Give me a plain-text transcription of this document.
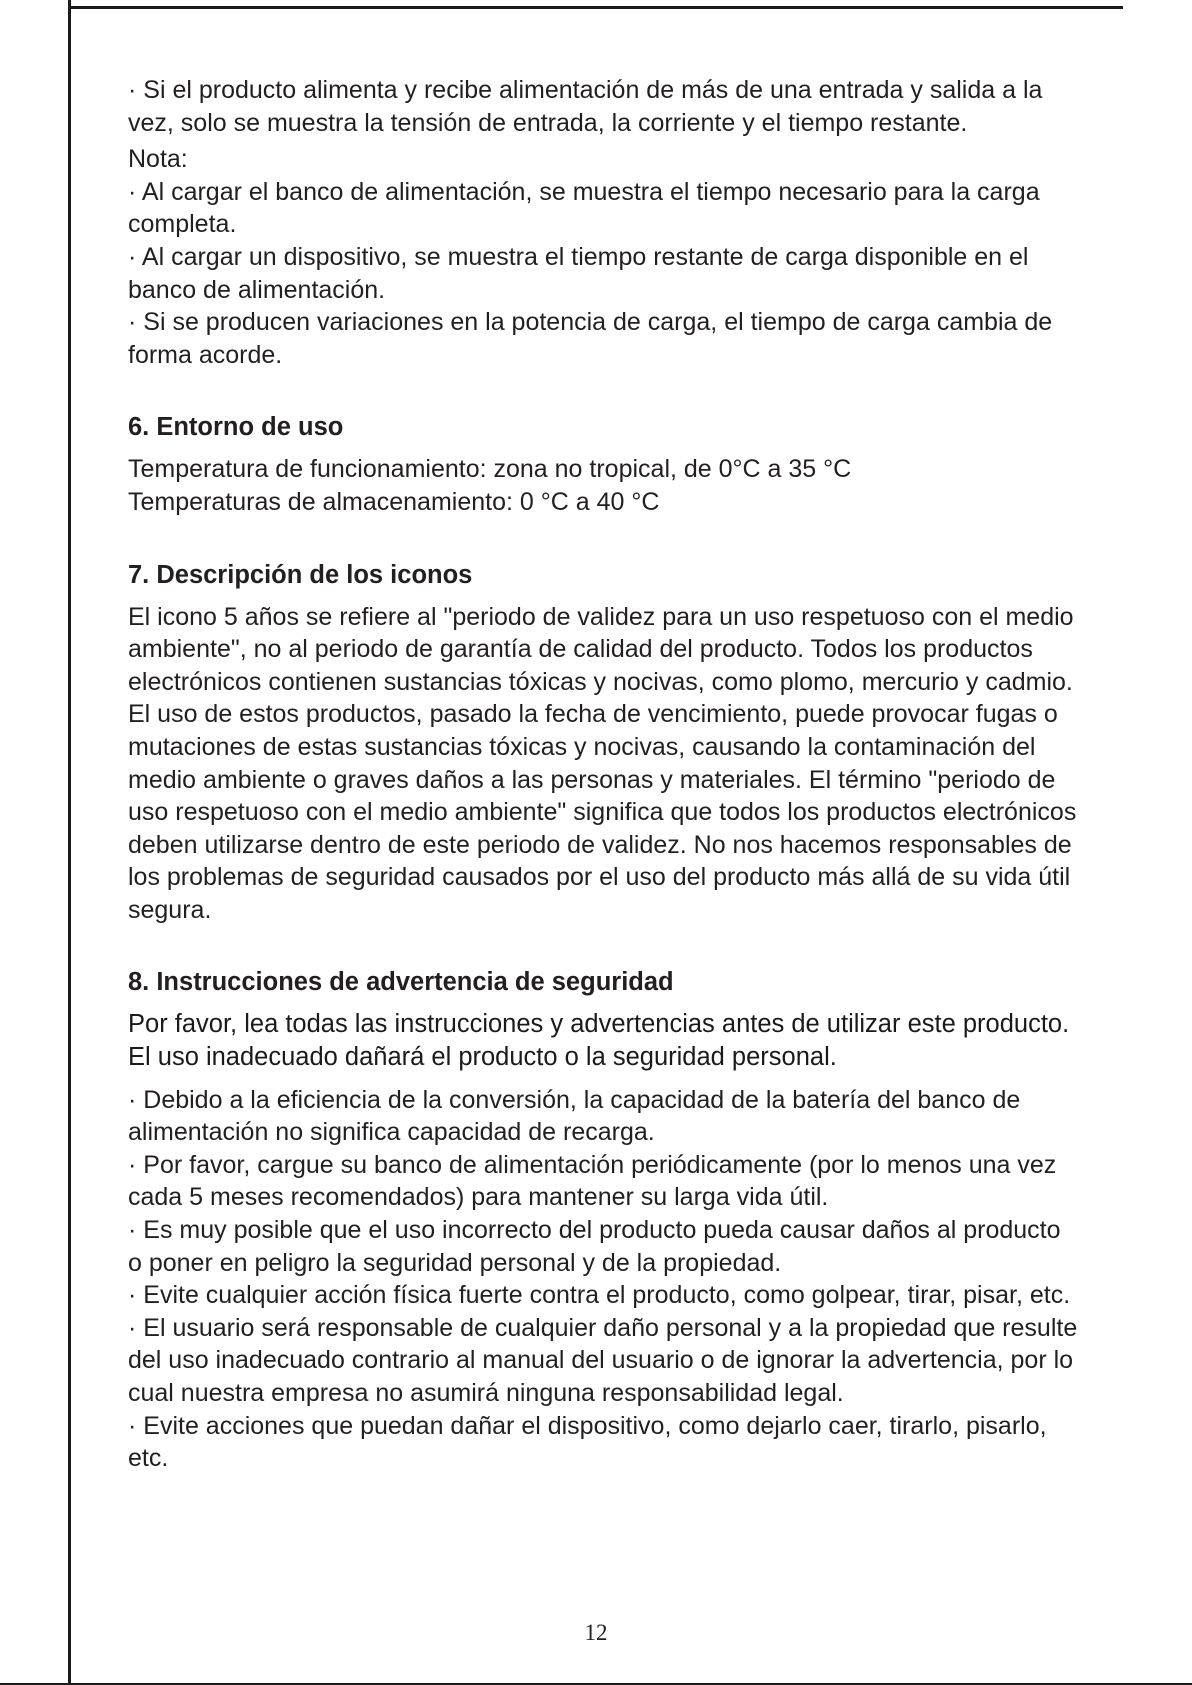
· Si el producto alimenta y recibe alimentación de más de una entrada y salida a la vez, solo se muestra la tensión de entrada, la corriente y el tiempo restante.

Nota:

· Al cargar el banco de alimentación, se muestra el tiempo necesario para la carga completa.

· Al cargar un dispositivo, se muestra el tiempo restante de carga disponible en el banco de alimentación.

· Si se producen variaciones en la potencia de carga, el tiempo de carga cambia de forma acorde.

6. Entorno de uso

Temperatura de funcionamiento: zona no tropical, de 0°C a 35 °C

Temperaturas de almacenamiento: 0 °C a 40 °C

7. Descripción de los iconos

El icono 5 años se refiere al "periodo de validez para un uso respetuoso con el medio ambiente", no al periodo de garantía de calidad del producto. Todos los productos electrónicos contienen sustancias tóxicas y nocivas, como plomo, mercurio y cadmio. El uso de estos productos, pasado la fecha de vencimiento, puede provocar fugas o mutaciones de estas sustancias tóxicas y nocivas, causando la contaminación del medio ambiente o graves daños a las personas y materiales. El término "periodo de uso respetuoso con el medio ambiente" significa que todos los productos electrónicos deben utilizarse dentro de este periodo de validez. No nos hacemos responsables de los problemas de seguridad causados por el uso del producto más allá de su vida útil segura.

8. Instrucciones de advertencia de seguridad

Por favor, lea todas las instrucciones y advertencias antes de utilizar este producto. El uso inadecuado dañará el producto o la seguridad personal.

· Debido a la eficiencia de la conversión, la capacidad de la batería del banco de alimentación no significa capacidad de recarga.

· Por favor, cargue su banco de alimentación periódicamente (por lo menos una vez cada 5 meses recomendados) para mantener su larga vida útil.

· Es muy posible que el uso incorrecto del producto pueda causar daños al producto o poner en peligro la seguridad personal y de la propiedad.

· Evite cualquier acción física fuerte contra el producto, como golpear, tirar, pisar, etc.

· El usuario será responsable de cualquier daño personal y a la propiedad que resulte del uso inadecuado contrario al manual del usuario o de ignorar la advertencia, por lo cual nuestra empresa no asumirá ninguna responsabilidad legal.

· Evite acciones que puedan dañar el dispositivo, como dejarlo caer, tirarlo, pisarlo, etc.

12
